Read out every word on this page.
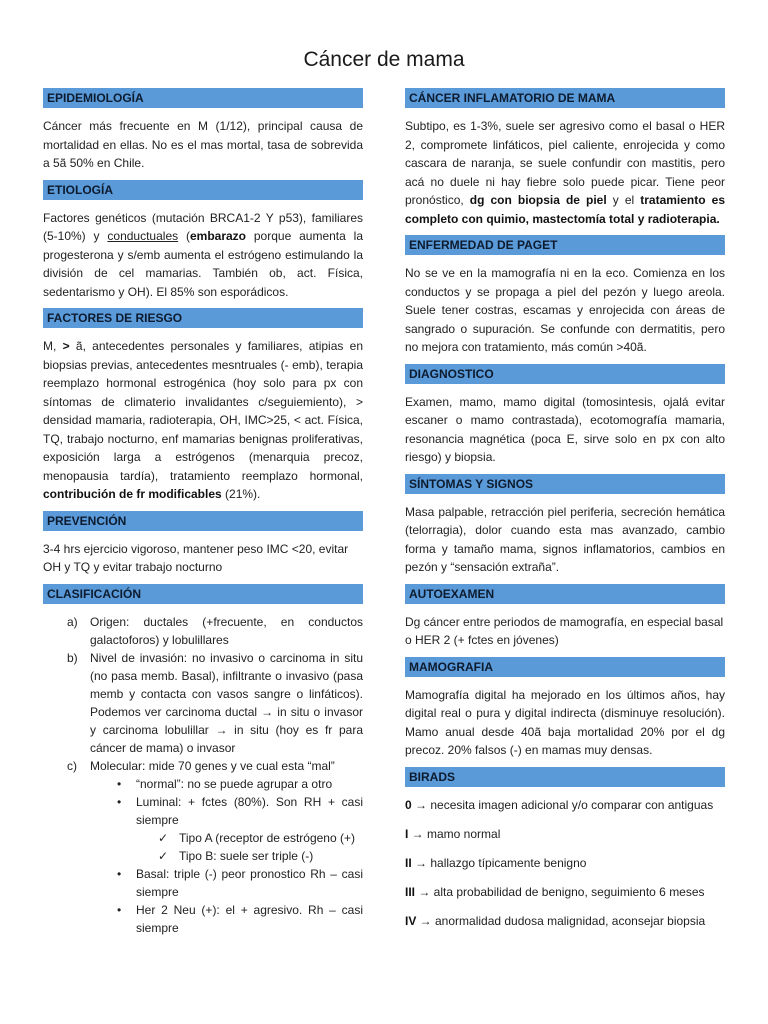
Cáncer de mama
EPIDEMIOLOGÍA

Cáncer más frecuente en M (1/12), principal causa de mortalidad en ellas. No es el mas mortal, tasa de sobrevida a 5ã 50% en Chile.

ETIOLOGÍA

Factores genéticos (mutación BRCA1-2 Y p53), familiares (5-10%) y conductuales (embarazo porque aumenta la progesterona y s/emb aumenta el estrógeno estimulando la división de cel mamarias. También ob, act. Física, sedentarismo y OH). El 85% son esporádicos.

FACTORES DE RIESGO

M, > ã, antecedentes personales y familiares, atipias en biopsias previas, antecedentes mesntruales (- emb), terapia reemplazo hormonal estrogénica (hoy solo para px con síntomas de climaterio invalidantes c/seguiemiento), > densidad mamaria, radioterapia, OH, IMC>25, < act. Física, TQ, trabajo nocturno, enf mamarias benignas proliferativas, exposición larga a estrógenos (menarquia precoz, menopausia tardía), tratamiento reemplazo hormonal, contribución de fr modificables (21%).

PREVENCIÓN

3-4 hrs ejercicio vigoroso, mantener peso IMC <20, evitar OH y TQ y evitar trabajo nocturno

CLASIFICACIÓN
a) Origen: ductales (+frecuente, en conductos galactoforos) y lobulillares
b) Nivel de invasión: no invasivo o carcinoma in situ (no pasa memb. Basal), infiltrante o invasivo (pasa memb y contacta con vasos sangre o linfáticos). Podemos ver carcinoma ductal → in situ o invasor y carcinoma lobulillar → in situ (hoy es fr para cáncer de mama) o invasor
c) Molecular: mide 70 genes y ve cual esta “mal”
• “normal”: no se puede agrupar a otro
• Luminal: + fctes (80%). Son RH + casi siempre
✓ Tipo A (receptor de estrógeno (+)
✓ Tipo B: suele ser triple (-)
• Basal: triple (-) peor pronostico Rh – casi siempre
• Her 2 Neu (+): el + agresivo. Rh – casi siempre
CÁNCER INFLAMATORIO DE MAMA

Subtipo, es 1-3%, suele ser agresivo como el basal o HER 2, compromete linfáticos, piel caliente, enrojecida y como cascara de naranja, se suele confundir con mastitis, pero acá no duele ni hay fiebre solo puede picar. Tiene peor pronóstico, dg con biopsia de piel y el tratamiento es completo con quimio, mastectomía total y radioterapia.

ENFERMEDAD DE PAGET

No se ve en la mamografía ni en la eco. Comienza en los conductos y se propaga a piel del pezón y luego areola. Suele tener costras, escamas y enrojecida con áreas de sangrado o supuración. Se confunde con dermatitis, pero no mejora con tratamiento, más común >40ã.

DIAGNOSTICO

Examen, mamo, mamo digital (tomosintesis, ojalá evitar escaner o mamo contrastada), ecotomografía mamaria, resonancia magnética (poca E, sirve solo en px con alto riesgo) y biopsia.

SÍNTOMAS Y SIGNOS

Masa palpable, retracción piel periferia, secreción hemática (telorragia), dolor cuando esta mas avanzado, cambio forma y tamaño mama, signos inflamatorios, cambios en pezón y “sensación extraña”.

AUTOEXAMEN

Dg cáncer entre periodos de mamografía, en especial basal o HER 2 (+ fctes en jóvenes)

MAMOGRAFIA

Mamografía digital ha mejorado en los últimos años, hay digital real o pura y digital indirecta (disminuye resolución). Mamo anual desde 40ã baja mortalidad 20% por el dg precoz. 20% falsos (-) en mamas muy densas.

BIRADS

0 → necesita imagen adicional y/o comparar con antiguas

I → mamo normal

II → hallazgo típicamente benigno

III → alta probabilidad de benigno, seguimiento 6 meses

IV → anormalidad dudosa malignidad, aconsejar biopsia
